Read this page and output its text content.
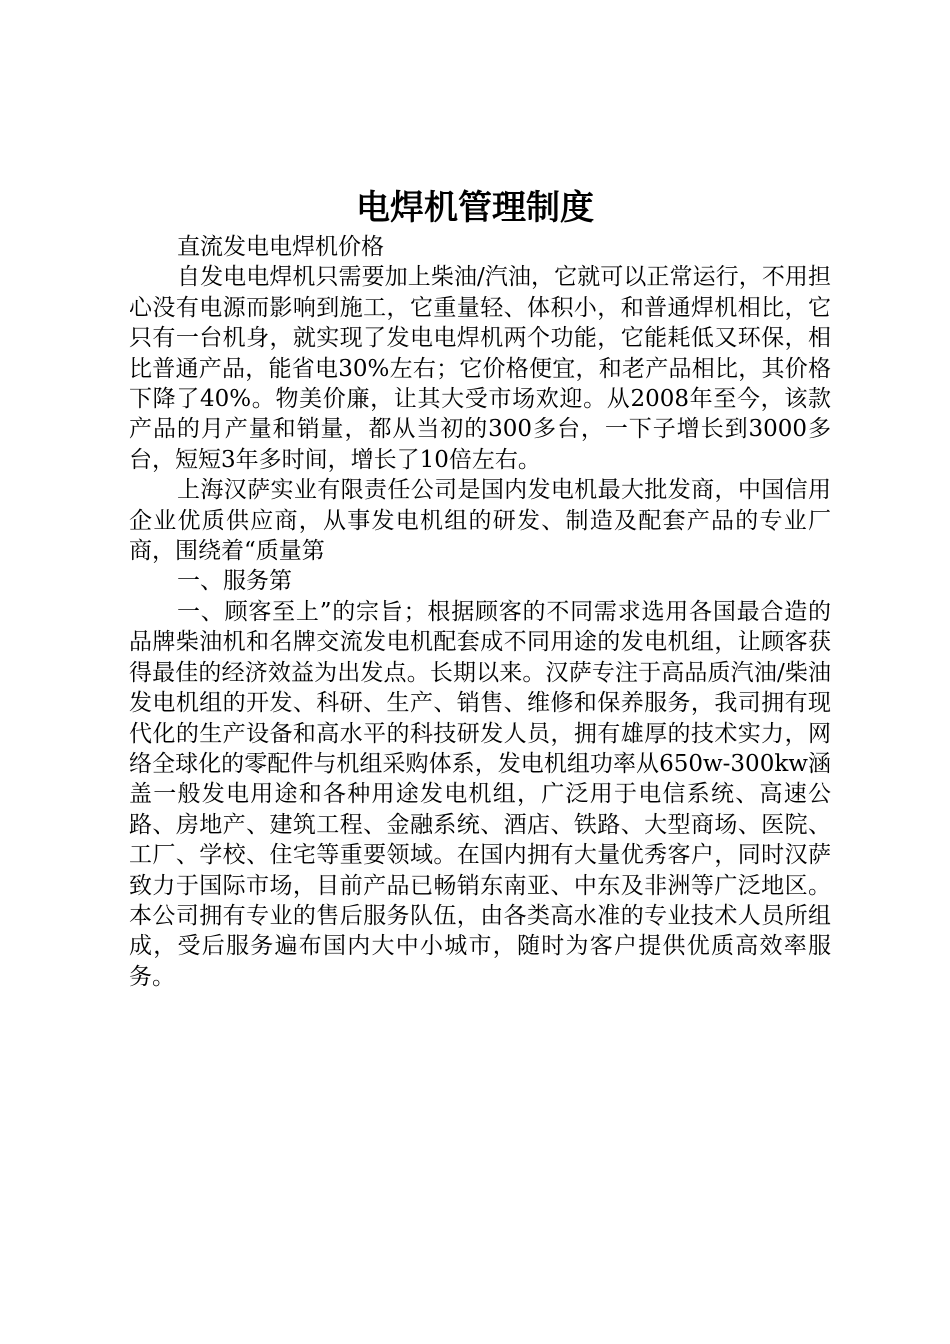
电焊机管理制度

直流发电电焊机价格

自发电电焊机只需要加上柴油/汽油，它就可以正常运行，不用担心没有电源而影响到施工，它重量轻、体积小，和普通焊机相比，它只有一台机身，就实现了发电电焊机两个功能，它能耗低又环保，相比普通产品，能省电30%左右；它价格便宜，和老产品相比，其价格下降了40%。物美价廉，让其大受市场欢迎。从2008年至今，该款产品的月产量和销量，都从当初的300多台，一下子增长到3000多台，短短3年多时间，增长了10倍左右。

上海汉萨实业有限责任公司是国内发电机最大批发商，中国信用企业优质供应商，从事发电机组的研发、制造及配套产品的专业厂商，围绕着“质量第

一、服务第

一、顾客至上”的宗旨；根据顾客的不同需求选用各国最合造的品牌柴油机和名牌交流发电机配套成不同用途的发电机组，让顾客获得最佳的经济效益为出发点。长期以来。汉萨专注于高品质汽油/柴油发电机组的开发、科研、生产、销售、维修和保养服务，我司拥有现代化的生产设备和高水平的科技研发人员，拥有雄厚的技术实力，网络全球化的零配件与机组采购体系，发电机组功率从650w-300kw涵盖一般发电用途和各种用途发电机组，广泛用于电信系统、高速公路、房地产、建筑工程、金融系统、酒店、铁路、大型商场、医院、工厂、学校、住宅等重要领域。在国内拥有大量优秀客户，同时汉萨致力于国际市场，目前产品已畅销东南亚、中东及非洲等广泛地区。本公司拥有专业的售后服务队伍，由各类高水准的专业技术人员所组成，受后服务遍布国内大中小城市，随时为客户提供优质高效率服务。
